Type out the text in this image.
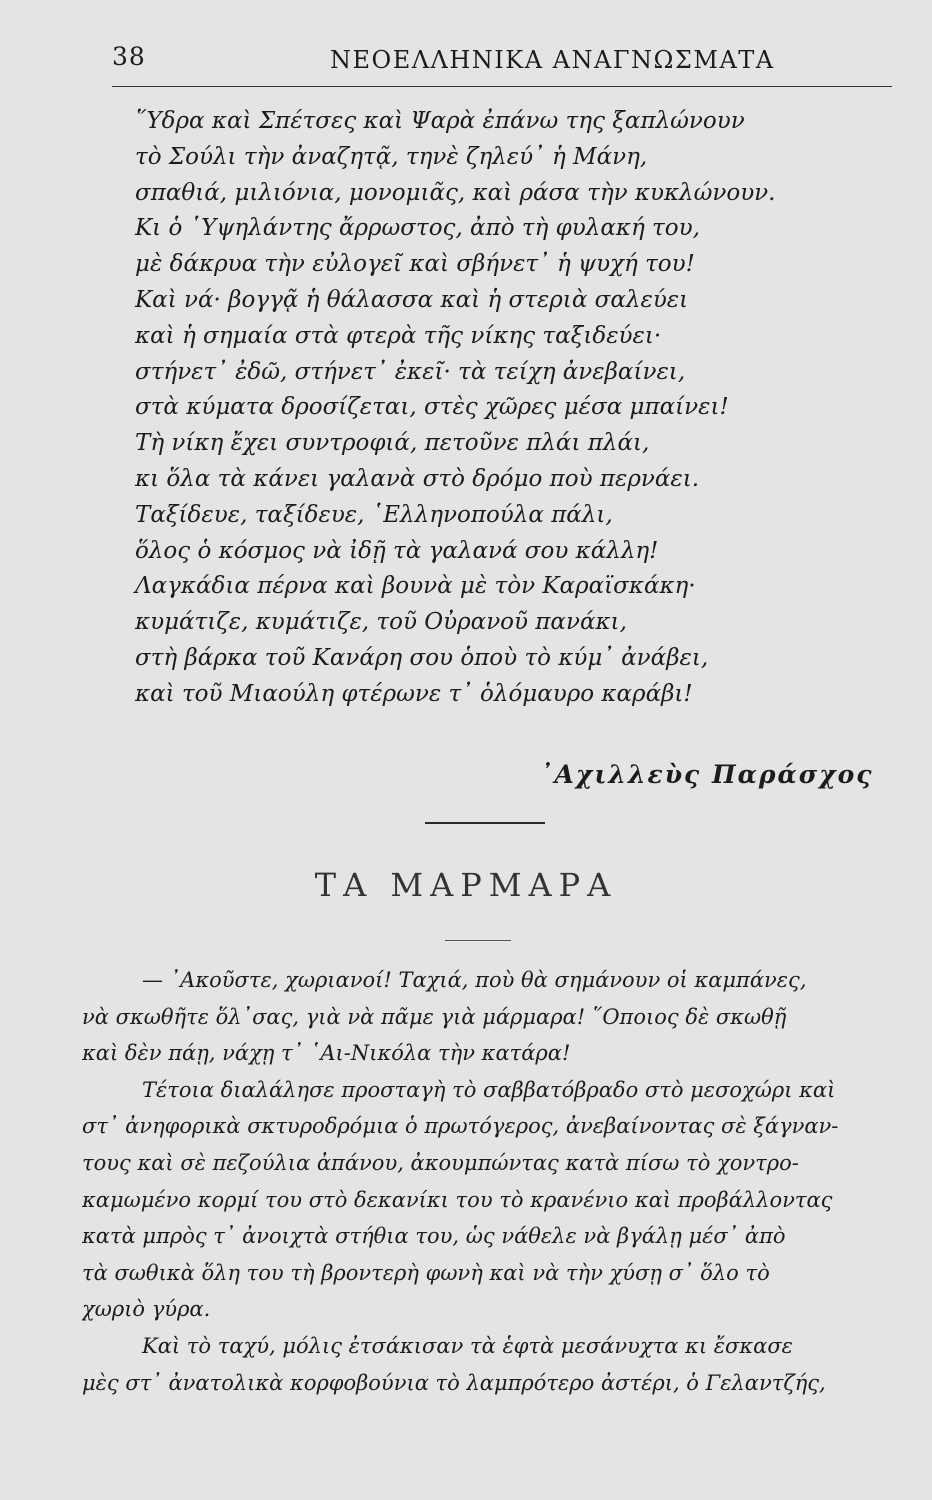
38	ΝΕΟΕΛΛΗΝΙΚΑ ΑΝΑΓΝΩΣΜΑΤΑ
῞Υδρα καὶ Σπέτσες καὶ Ψαρὰ ἐπάνω της ξαπλώνουν
τὸ Σούλι τὴν ἀναζητᾷ, τηνὲ ζηλεύ᾽ ἡ Μάνη,
σπαθιά, μιλιόνια, μονομιᾶς, καὶ ράσα τὴν κυκλώνουν.
Κι ὁ ῾Υψηλάντης ἄρρωστος, ἀπὸ τὴ φυλακή του,
μὲ δάκρυα τὴν εὐλογεῖ καὶ σβήνετ᾽ ἡ ψυχή του!
Καὶ νά· βογγᾷ ἡ θάλασσα καὶ ἡ στεριὰ σαλεύει
καὶ ἡ σημαία στὰ φτερὰ τῆς νίκης ταξιδεύει·
στήνετ᾽ ἐδῶ, στήνετ᾽ ἐκεῖ· τὰ τείχη ἀνεβαίνει,
στὰ κύματα δροσίζεται, στὲς χῶρες μέσα μπαίνει!
Τὴ νίκη ἔχει συντροφιά, πετοῦνε πλάι πλάι,
κι ὅλα τὰ κάνει γαλανὰ στὸ δρόμο ποὺ περνάει.
Ταξίδευε, ταξίδευε, ῾Ελληνοπούλα πάλι,
ὅλος ὁ κόσμος νὰ ἰδῇ τὰ γαλανά σου κάλλη!
Λαγκάδια πέρνα καὶ βουνὰ μὲ τὸν Καραϊσκάκη·
κυμάτιζε, κυμάτιζε, τοῦ Οὐρανοῦ πανάκι,
στὴ βάρκα τοῦ Κανάρη σου ὁποὺ τὸ κύμ᾽ ἀνάβει,
καὶ τοῦ Μιαούλη φτέρωνε τ᾽ ὁλόμαυρο καράβι!
᾿Αχιλλεὺς Παράσχος
ΤΑ ΜΑΡΜΑΡΑ
— ᾿Ακοῦστε, χωριανοί! Ταχιά, ποὺ θὰ σημάνουν οἱ καμπάνες,
νὰ σκωθῆτε ὅλ᾽σας, γιὰ νὰ πᾶμε γιὰ μάρμαρα! ῞Οποιος δὲ σκωθῇ
καὶ δὲν πάῃ, νάχῃ τ᾽ ῾Αι-Νικόλα τὴν κατάρα!
Τέτοια διαλάλησε προσταγὴ τὸ σαββατόβραδο στὸ μεσοχώρι καὶ
στ᾽ ἀνηφορικὰ σκτυροδρόμια ὁ πρωτόγερος, ἀνεβαίνοντας σὲ ξάγναν-
τους καὶ σὲ πεζούλια ἀπάνου, ἀκουμπώντας κατὰ πίσω τὸ χοντρο-
καμωμένο κορμί του στὸ δεκανίκι του τὸ κρανένιο καὶ προβάλλοντας
κατὰ μπρὸς τ᾽ ἀνοιχτὰ στήθια του, ὡς νάθελε νὰ βγάλῃ μέσ᾽ ἀπὸ
τὰ σωθικὰ ὅλη του τὴ βροντερὴ φωνὴ καὶ νὰ τὴν χύσῃ σ᾽ ὅλο τὸ
χωριὸ γύρα.
Καὶ τὸ ταχύ, μόλις ἐτσάκισαν τὰ ἑφτὰ μεσάνυχτα κι ἔσκασε
μὲς στ᾽ ἀνατολικὰ κορφοβούνια τὸ λαμπρότερο ἀστέρι, ὁ Γελαντζής,
